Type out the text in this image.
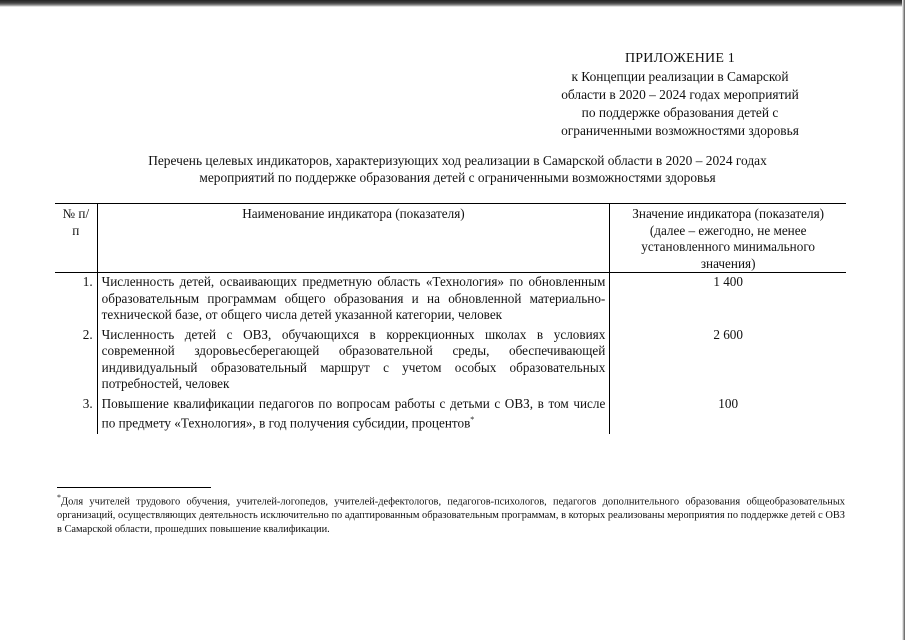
ПРИЛОЖЕНИЕ 1
к Концепции реализации в Самарской
области в 2020 – 2024 годах мероприятий
по поддержке образования детей с
ограниченными возможностями здоровья
Перечень целевых индикаторов, характеризующих ход реализации в Самарской области в 2020 – 2024 годах
мероприятий по поддержке образования детей с ограниченными возможностями здоровья
№ п/п	Наименование индикатора (показателя)	Значение индикатора (показателя) (далее – ежегодно, не менее установленного минимального значения)
1.	Численность детей, осваивающих предметную область «Технология» по обновленным образовательным программам общего образования и на обновленной материально-технической базе, от общего числа детей указанной категории, человек	1 400
2.	Численность детей с ОВЗ, обучающихся в коррекционных школах в условиях современной здоровьесберегающей образовательной среды, обеспечивающей индивидуальный образовательный маршрут с учетом особых образовательных потребностей, человек	2 600
3.	Повышение квалификации педагогов по вопросам работы с детьми с ОВЗ, в том числе по предмету «Технология», в год получения субсидии, процентов*	100
*Доля учителей трудового обучения, учителей-логопедов, учителей-дефектологов, педагогов-психологов, педагогов дополнительного образования общеобразовательных организаций, осуществляющих деятельность исключительно по адаптированным образовательным программам, в которых реализованы мероприятия по поддержке детей с ОВЗ в Самарской области, прошедших повышение квалификации.
